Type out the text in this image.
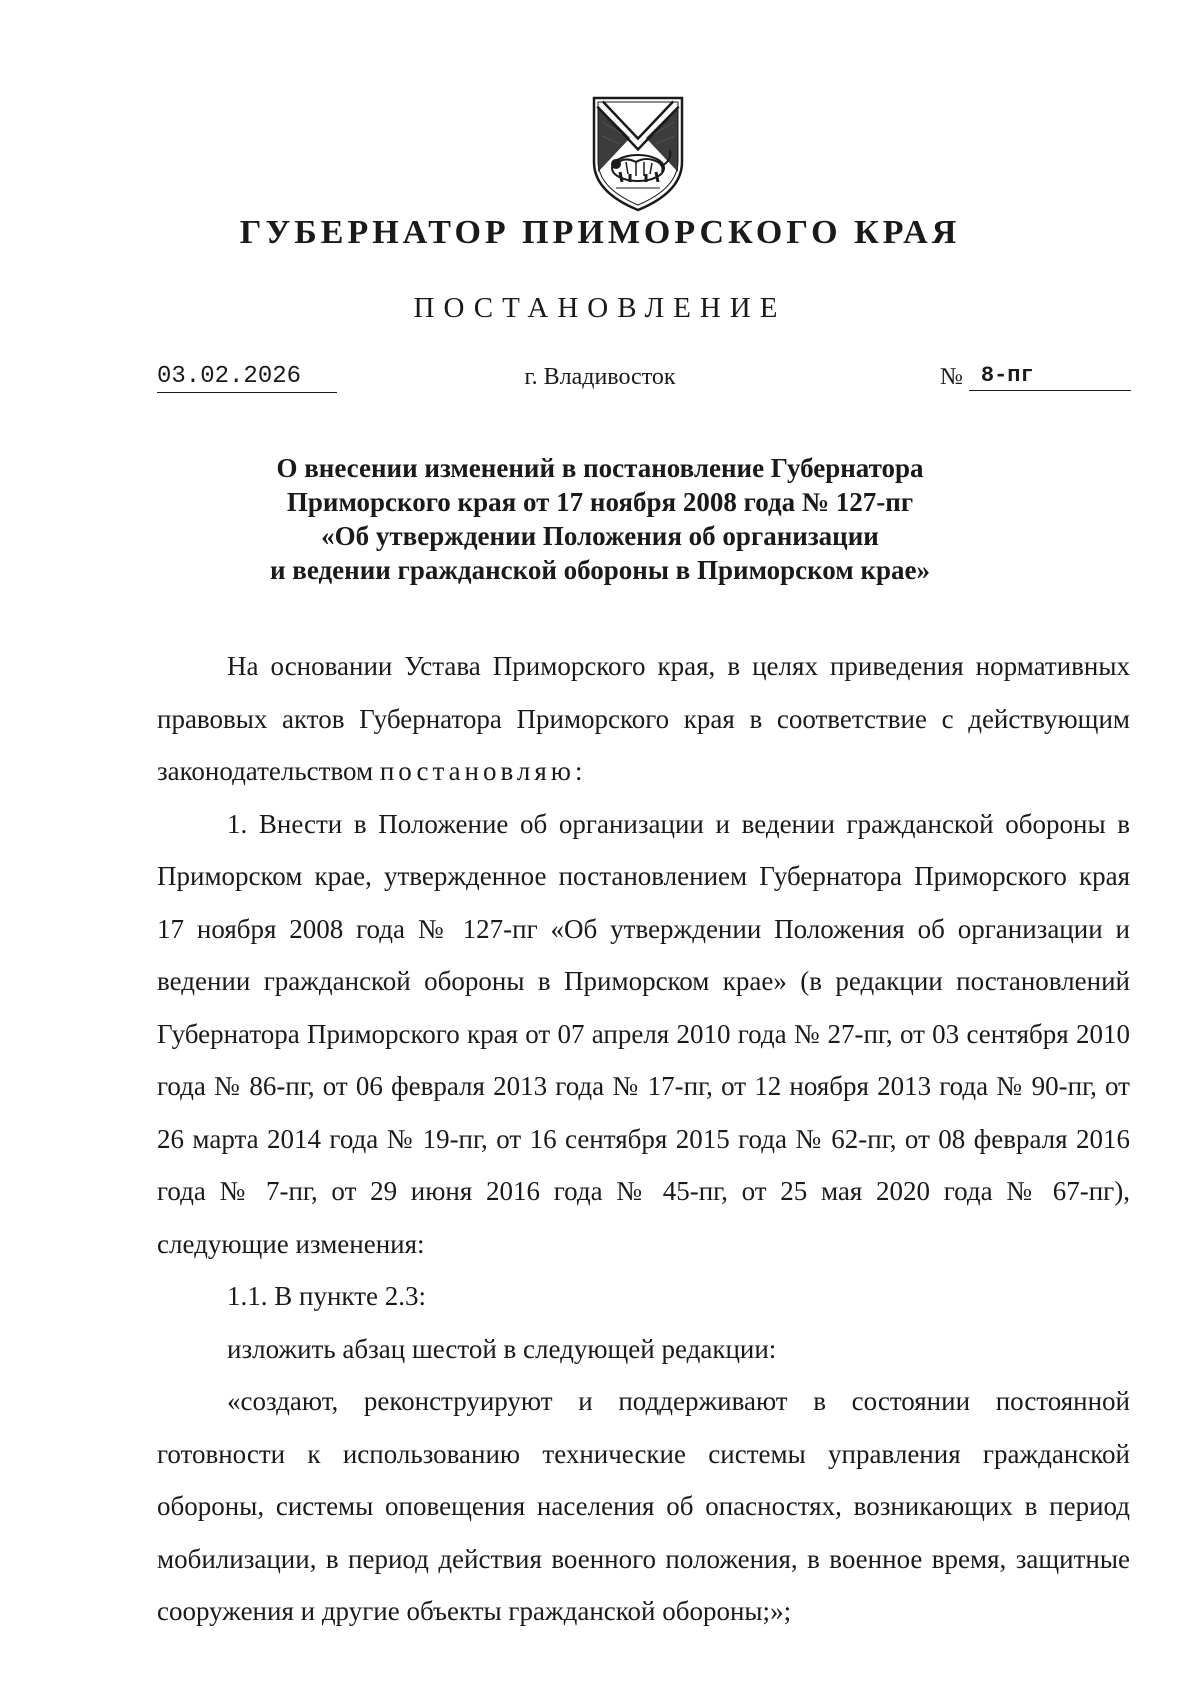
ГУБЕРНАТОР ПРИМОРСКОГО КРАЯ
ПОСТАНОВЛЕНИЕ
03.02.2026	г. Владивосток	№ 8-пг
О внесении изменений в постановление Губернатора
Приморского края от 17 ноября 2008 года № 127-пг
«Об утверждении Положения об организации
и ведении гражданской обороны в Приморском крае»

На основании Устава Приморского края, в целях приведения нормативных правовых актов Губернатора Приморского края в соответствие с действующим законодательством постановляю:

1. Внести в Положение об организации и ведении гражданской обороны в Приморском крае, утвержденное постановлением Губернатора Приморского края 17 ноября 2008 года № 127-пг «Об утверждении Положения об организации и ведении гражданской обороны в Приморском крае» (в редакции постановлений Губернатора Приморского края от 07 апреля 2010 года № 27-пг, от 03 сентября 2010 года № 86-пг, от 06 февраля 2013 года № 17-пг, от 12 ноября 2013 года № 90-пг, от 26 марта 2014 года № 19-пг, от 16 сентября 2015 года № 62-пг, от 08 февраля 2016 года № 7-пг, от 29 июня 2016 года № 45-пг, от 25 мая 2020 года № 67-пг), следующие изменения:

1.1. В пункте 2.3:

изложить абзац шестой в следующей редакции:

«создают, реконструируют и поддерживают в состоянии постоянной готовности к использованию технические системы управления гражданской обороны, системы оповещения населения об опасностях, возникающих в период мобилизации, в период действия военного положения, в военное время, защитные сооружения и другие объекты гражданской обороны;»;
